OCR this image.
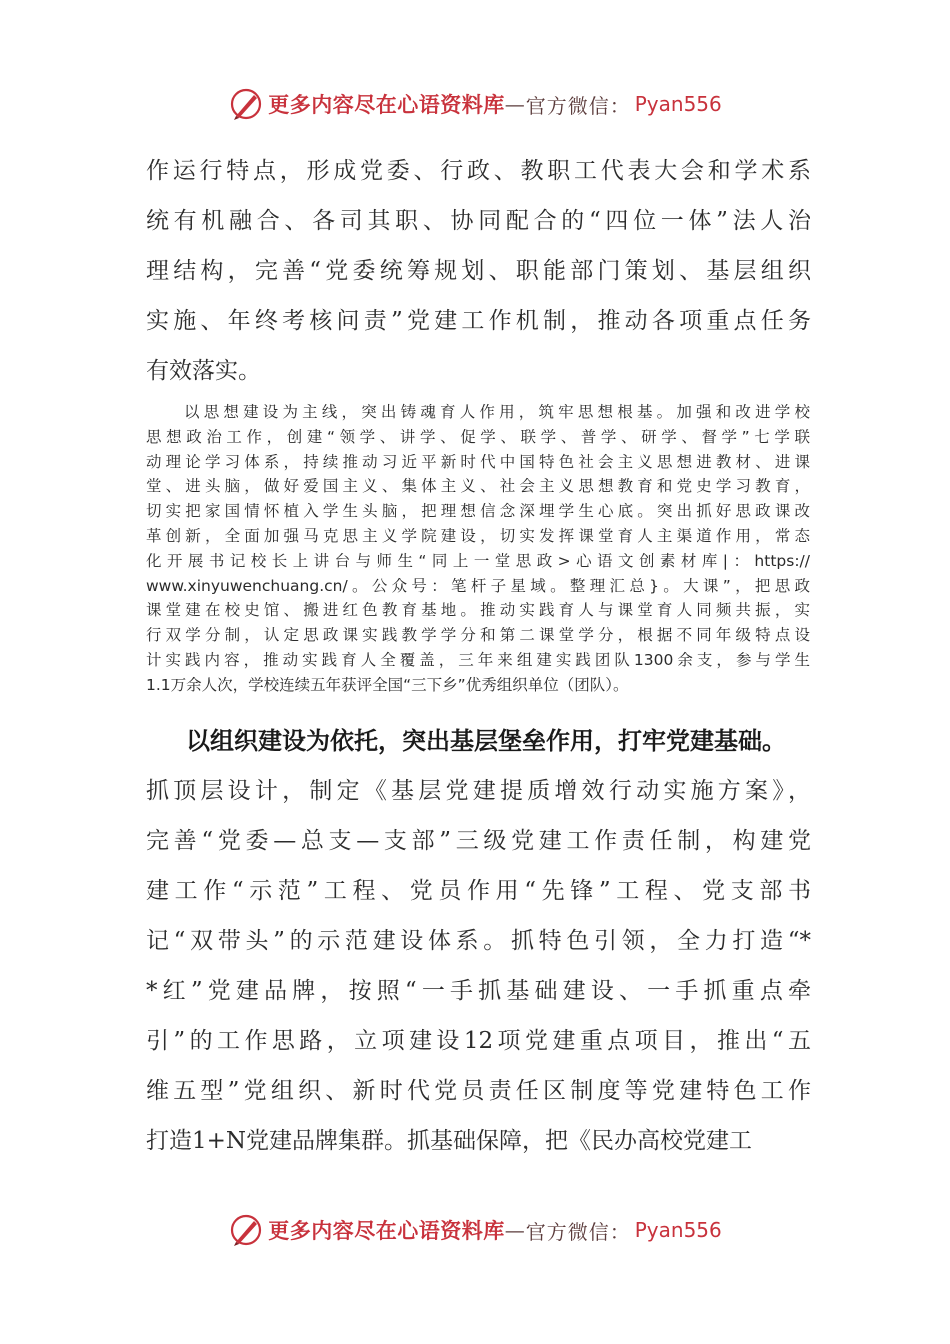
更多内容尽在心语资料库 — 官方微信： Pyan556
作运行特点，形成党委、行政、教职工代表大会和学术系
统有机融合、各司其职、协同配合的“四位一体”法人治
理结构，完善“党委统筹规划、职能部门策划、基层组织
实施、年终考核问责”党建工作机制，推动各项重点任务
有效落实。
以思想建设为主线，突出铸魂育人作用，筑牢思想根基。加强和改进学校
思想政治工作，创建“领学、讲学、促学、联学、普学、研学、督学”七学联
动理论学习体系，持续推动习近平新时代中国特色社会主义思想进教材、进课
堂、进头脑，做好爱国主义、集体主义、社会主义思想教育和党史学习教育，
切实把家国情怀植入学生头脑，把理想信念深埋学生心底。突出抓好思政课改
革创新，全面加强马克思主义学院建设，切实发挥课堂育人主渠道作用，常态
化开展书记校长上讲台与师生“同上一堂思政>心语文创素材库|：https://
www.xinyuwenchuang.cn/。公众号：笔杆子星域。整理汇总}。大课”，把思政
课堂建在校史馆、搬进红色教育基地。推动实践育人与课堂育人同频共振，实
行双学分制，认定思政课实践教学学分和第二课堂学分，根据不同年级特点设
计实践内容，推动实践育人全覆盖，三年来组建实践团队1300余支，参与学生
1.1万余人次，学校连续五年获评全国“三下乡”优秀组织单位（团队）。
以组织建设为依托，突出基层堡垒作用，打牢党建基础。
抓顶层设计，制定《基层党建提质增效行动实施方案》，
完善“党委—总支—支部”三级党建工作责任制，构建党
建工作“示范”工程、党员作用“先锋”工程、党支部书
记“双带头”的示范建设体系。抓特色引领，全力打造“*
*红”党建品牌，按照“一手抓基础建设、一手抓重点牵
引”的工作思路，立项建设12项党建重点项目，推出“五
维五型”党组织、新时代党员责任区制度等党建特色工作
打造1+N党建品牌集群。抓基础保障，把《民办高校党建工
更多内容尽在心语资料库 — 官方微信： Pyan556
